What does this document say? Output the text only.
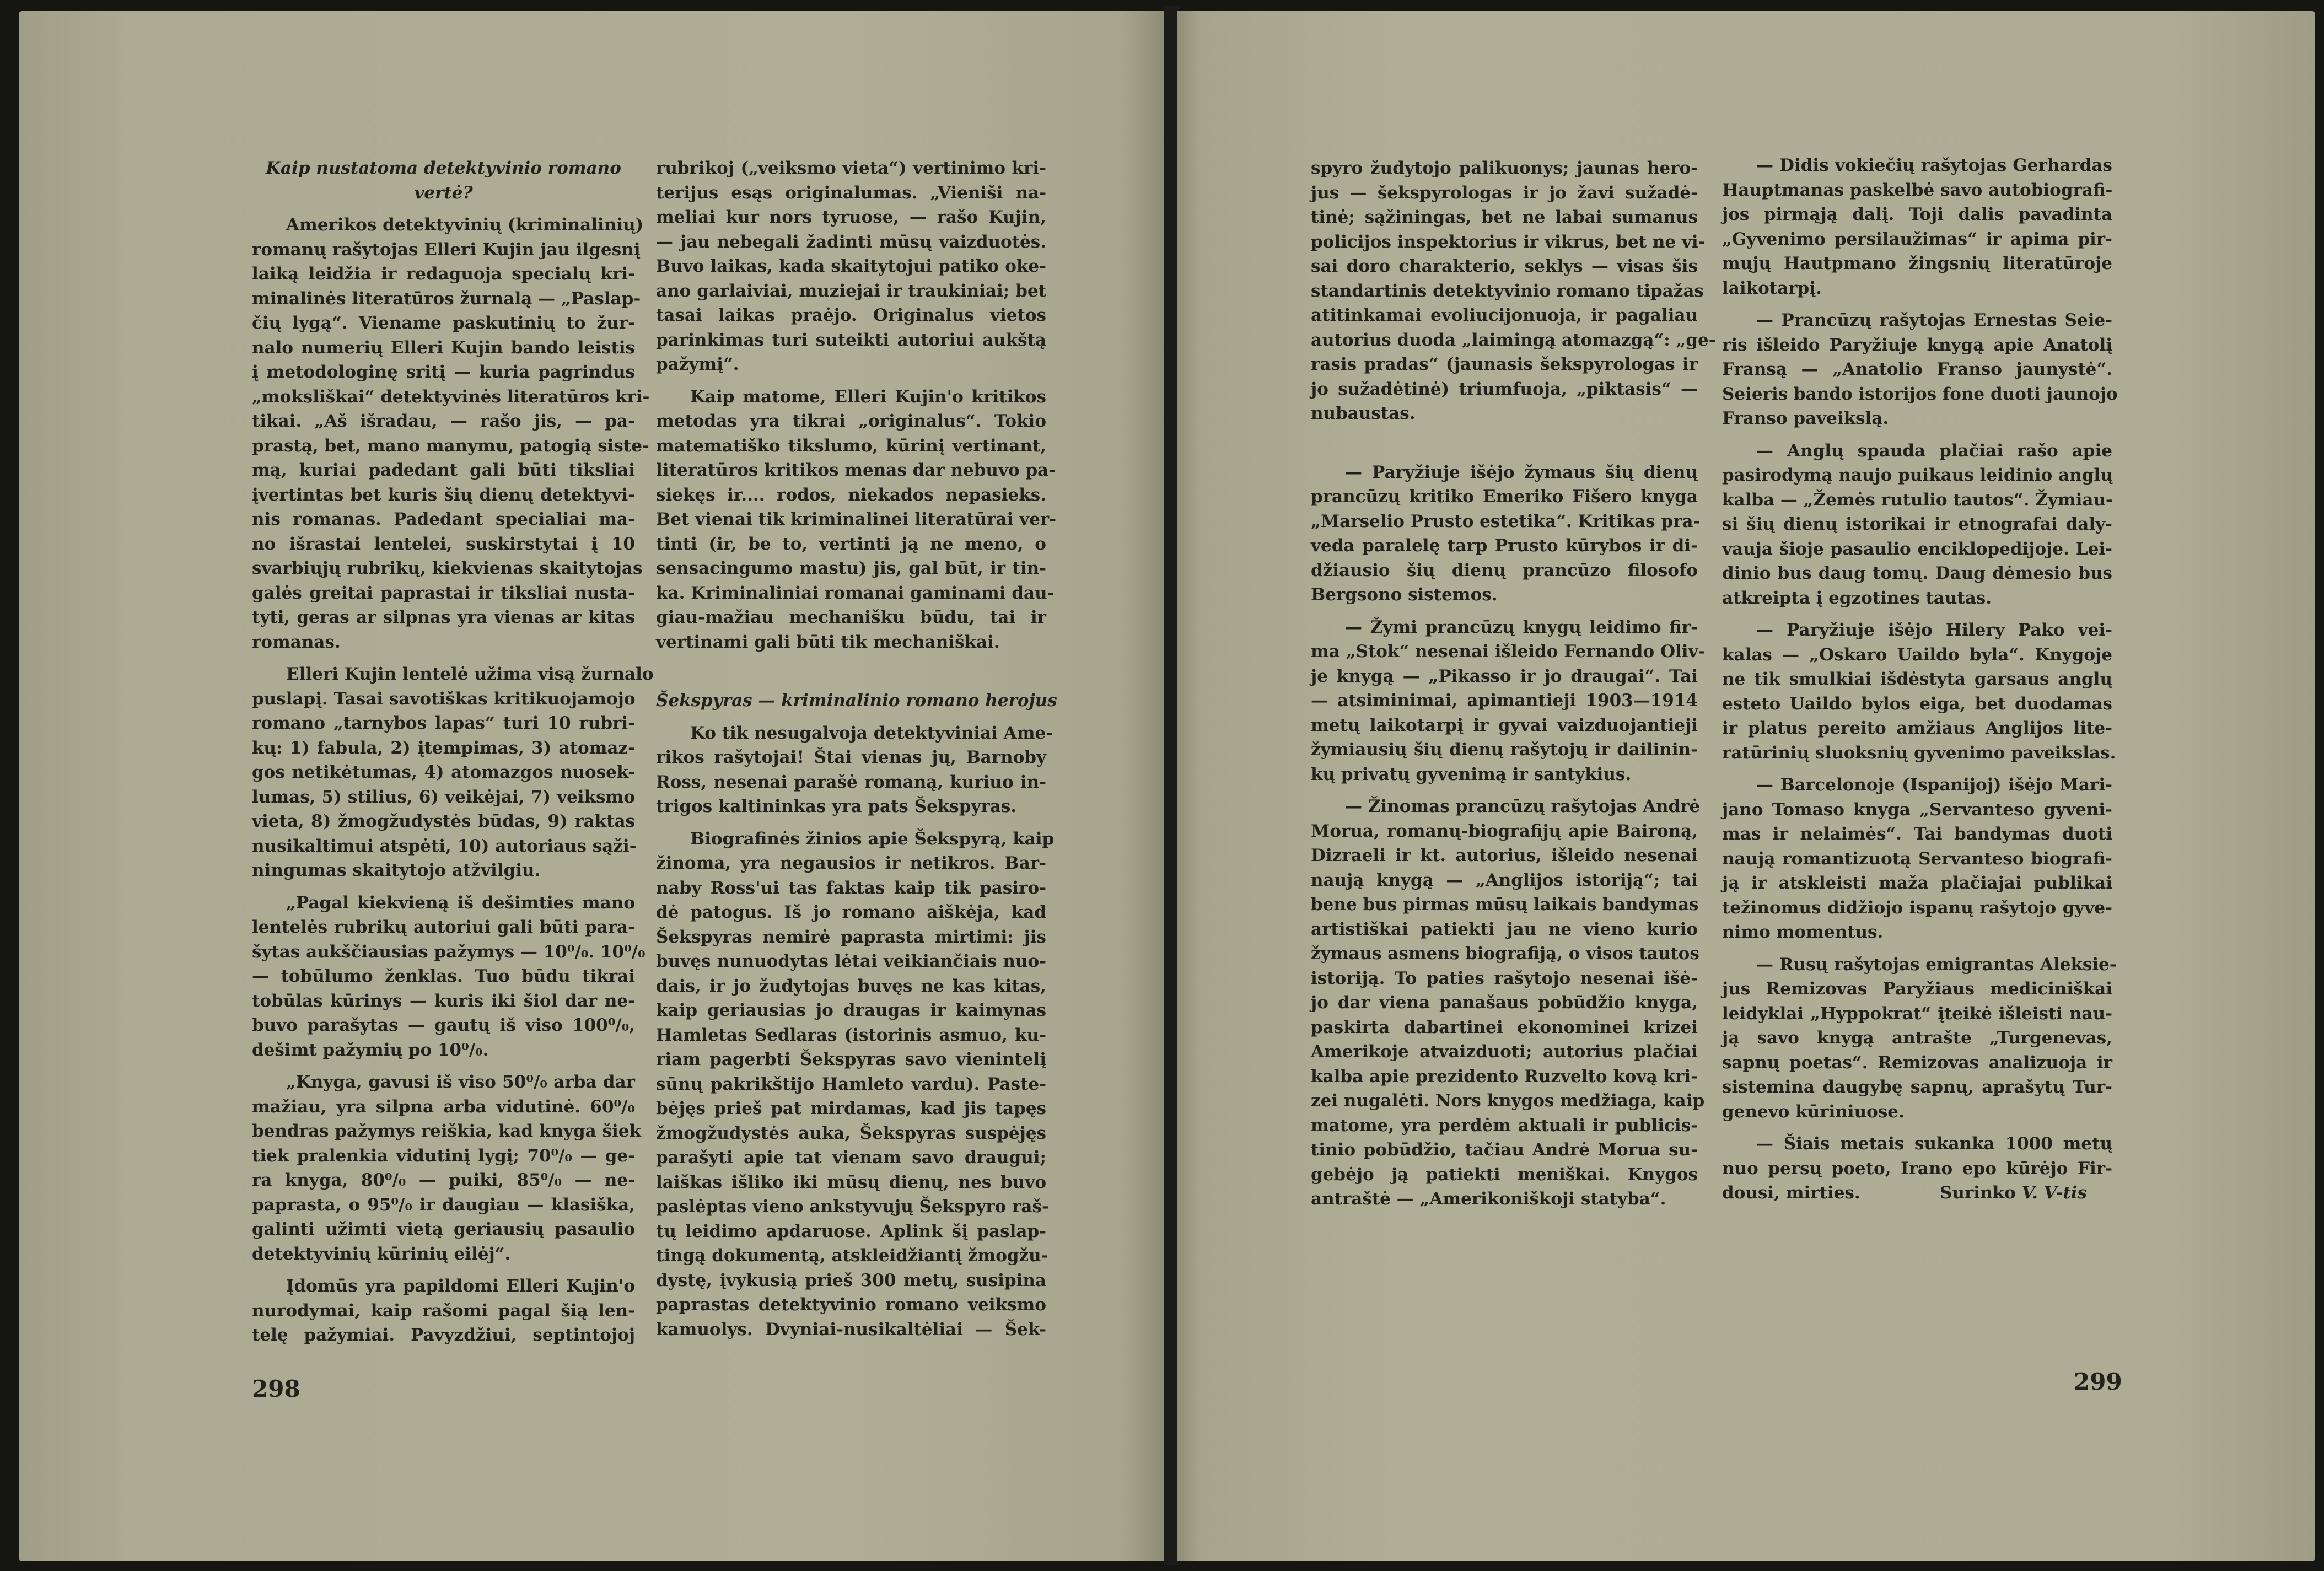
Kaip nustatoma detektyvinio romano
vertė?
Amerikos detektyvinių (kriminalinių)
romanų rašytojas Elleri Kujin jau ilgesnį
laiką leidžia ir redaguoja specialų kri-
minalinės literatūros žurnalą — „Paslap-
čių lygą“. Viename paskutinių to žur-
nalo numerių Elleri Kujin bando leistis
į metodologinę sritį — kuria pagrindus
„moksliškai“ detektyvinės literatūros kri-
tikai. „Aš išradau, — rašo jis, — pa-
prastą, bet, mano manymu, patogią siste-
mą, kuriai padedant gali būti tiksliai
įvertintas bet kuris šių dienų detektyvi-
nis romanas. Padedant specialiai ma-
no išrastai lentelei, suskirstytai į 10
svarbiųjų rubrikų, kiekvienas skaitytojas
galės greitai paprastai ir tiksliai nusta-
tyti, geras ar silpnas yra vienas ar kitas
romanas.
Elleri Kujin lentelė užima visą žurnalo
puslapį. Tasai savotiškas kritikuojamojo
romano „tarnybos lapas“ turi 10 rubri-
kų: 1) fabula, 2) įtempimas, 3) atomaz-
gos netikėtumas, 4) atomazgos nuosek-
lumas, 5) stilius, 6) veikėjai, 7) veiksmo
vieta, 8) žmogžudystės būdas, 9) raktas
nusikaltimui atspėti, 10) autoriaus sąži-
ningumas skaitytojo atžvilgiu.
„Pagal kiekvieną iš dešimties mano
lentelės rubrikų autoriui gali būti para-
šytas aukščiausias pažymys — 10⁰/₀. 10⁰/₀
— tobūlumo ženklas. Tuo būdu tikrai
tobūlas kūrinys — kuris iki šiol dar ne-
buvo parašytas — gautų iš viso 100⁰/₀,
dešimt pažymių po 10⁰/₀.
„Knyga, gavusi iš viso 50⁰/₀ arba dar
mažiau, yra silpna arba vidutinė. 60⁰/₀
bendras pažymys reiškia, kad knyga šiek
tiek pralenkia vidutinį lygį; 70⁰/₀ — ge-
ra knyga, 80⁰/₀ — puiki, 85⁰/₀ — ne-
paprasta, o 95⁰/₀ ir daugiau — klasiška,
galinti užimti vietą geriausių pasaulio
detektyvinių kūrinių eilėj“.
Įdomūs yra papildomi Elleri Kujin'o
nurodymai, kaip rašomi pagal šią len-
telę pažymiai. Pavyzdžiui, septintojoj
rubrikoj („veiksmo vieta“) vertinimo kri-
terijus esąs originalumas. „Vieniši na-
meliai kur nors tyruose, — rašo Kujin,
— jau nebegali žadinti mūsų vaizduotės.
Buvo laikas, kada skaitytojui patiko oke-
ano garlaiviai, muziejai ir traukiniai; bet
tasai laikas praėjo. Originalus vietos
parinkimas turi suteikti autoriui aukštą
pažymį“.
Kaip matome, Elleri Kujin'o kritikos
metodas yra tikrai „originalus“. Tokio
matematiško tikslumo, kūrinį vertinant,
literatūros kritikos menas dar nebuvo pa-
siekęs ir.... rodos, niekados nepasieks.
Bet vienai tik kriminalinei literatūrai ver-
tinti (ir, be to, vertinti ją ne meno, o
sensacingumo mastu) jis, gal būt, ir tin-
ka. Kriminaliniai romanai gaminami dau-
giau-mažiau mechanišku būdu, tai ir
vertinami gali būti tik mechaniškai.
Šekspyras — kriminalinio romano herojus
Ko tik nesugalvoja detektyviniai Ame-
rikos rašytojai! Štai vienas jų, Barnoby
Ross, nesenai parašė romaną, kuriuo in-
trigos kaltininkas yra pats Šekspyras.
Biografinės žinios apie Šekspyrą, kaip
žinoma, yra negausios ir netikros. Bar-
naby Ross'ui tas faktas kaip tik pasiro-
dė patogus. Iš jo romano aiškėja, kad
Šekspyras nemirė paprasta mirtimi: jis
buvęs nunuodytas lėtai veikiančiais nuo-
dais, ir jo žudytojas buvęs ne kas kitas,
kaip geriausias jo draugas ir kaimynas
Hamletas Sedlaras (istorinis asmuo, ku-
riam pagerbti Šekspyras savo vienintelį
sūnų pakrikštijo Hamleto vardu). Paste-
bėjęs prieš pat mirdamas, kad jis tapęs
žmogžudystės auka, Šekspyras suspėjęs
parašyti apie tat vienam savo draugui;
laiškas išliko iki mūsų dienų, nes buvo
paslėptas vieno ankstyvųjų Šekspyro raš-
tų leidimo apdaruose. Aplink šį paslap-
tingą dokumentą, atskleidžiantį žmogžu-
dystę, įvykusią prieš 300 metų, susipina
paprastas detektyvinio romano veiksmo
kamuolys. Dvyniai-nusikaltėliai — Šek-
spyro žudytojo palikuonys; jaunas hero-
jus — šekspyrologas ir jo žavi sužadė-
tinė; sąžiningas, bet ne labai sumanus
policijos inspektorius ir vikrus, bet ne vi-
sai doro charakterio, seklys — visas šis
standartinis detektyvinio romano tipažas
atitinkamai evoliucijonuoja, ir pagaliau
autorius duoda „laimingą atomazgą“: „ge-
rasis pradas“ (jaunasis šekspyrologas ir
jo sužadėtinė) triumfuoja, „piktasis“ —
nubaustas.
— Paryžiuje išėjo žymaus šių dienų
prancūzų kritiko Emeriko Fišero knyga
„Marselio Prusto estetika“. Kritikas pra-
veda paralelę tarp Prusto kūrybos ir di-
džiausio šių dienų prancūzo filosofo
Bergsono sistemos.
— Žymi prancūzų knygų leidimo fir-
ma „Stok“ nesenai išleido Fernando Oliv-
je knygą — „Pikasso ir jo draugai“. Tai
— atsiminimai, apimantieji 1903—1914
metų laikotarpį ir gyvai vaizduojantieji
žymiausių šių dienų rašytojų ir dailinin-
kų privatų gyvenimą ir santykius.
— Žinomas prancūzų rašytojas Andrė
Morua, romanų-biografijų apie Baironą,
Dizraeli ir kt. autorius, išleido nesenai
naują knygą — „Anglijos istoriją“; tai
bene bus pirmas mūsų laikais bandymas
artistiškai patiekti jau ne vieno kurio
žymaus asmens biografiją, o visos tautos
istoriją. To paties rašytojo nesenai išė-
jo dar viena panašaus pobūdžio knyga,
paskirta dabartinei ekonominei krizei
Amerikoje atvaizduoti; autorius plačiai
kalba apie prezidento Ruzvelto kovą kri-
zei nugalėti. Nors knygos medžiaga, kaip
matome, yra perdėm aktuali ir publicis-
tinio pobūdžio, tačiau Andrė Morua su-
gebėjo ją patiekti meniškai. Knygos
antraštė — „Amerikoniškoji statyba“.
— Didis vokiečių rašytojas Gerhardas
Hauptmanas paskelbė savo autobiografi-
jos pirmąją dalį. Toji dalis pavadinta
„Gyvenimo persilaužimas“ ir apima pir-
mųjų Hautpmano žingsnių literatūroje
laikotarpį.
— Prancūzų rašytojas Ernestas Seie-
ris išleido Paryžiuje knygą apie Anatolį
Fransą — „Anatolio Franso jaunystė“.
Seieris bando istorijos fone duoti jaunojo
Franso paveikslą.
— Anglų spauda plačiai rašo apie
pasirodymą naujo puikaus leidinio anglų
kalba — „Žemės rutulio tautos“. Žymiau-
si šių dienų istorikai ir etnografai daly-
vauja šioje pasaulio enciklopedijoje. Lei-
dinio bus daug tomų. Daug dėmesio bus
atkreipta į egzotines tautas.
— Paryžiuje išėjo Hilery Pako vei-
kalas — „Oskaro Uaildo byla“. Knygoje
ne tik smulkiai išdėstyta garsaus anglų
esteto Uaildo bylos eiga, bet duodamas
ir platus pereito amžiaus Anglijos lite-
ratūrinių sluoksnių gyvenimo paveikslas.
— Barcelonoje (Ispanijoj) išėjo Mari-
jano Tomaso knyga „Servanteso gyveni-
mas ir nelaimės“. Tai bandymas duoti
naują romantizuotą Servanteso biografi-
ją ir atskleisti maža plačiajai publikai
težinomus didžiojo ispanų rašytojo gyve-
nimo momentus.
— Rusų rašytojas emigrantas Aleksie-
jus Remizovas Paryžiaus mediciniškai
leidyklai „Hyppokrat“ įteikė išleisti nau-
ją savo knygą antrašte „Turgenevas,
sapnų poetas“. Remizovas analizuoja ir
sistemina daugybę sapnų, aprašytų Tur-
genevo kūriniuose.
— Šiais metais sukanka 1000 metų
nuo persų poeto, Irano epo kūrėjo Fir-
dousi, mirties.	Surinko V. V-tis
298	299
